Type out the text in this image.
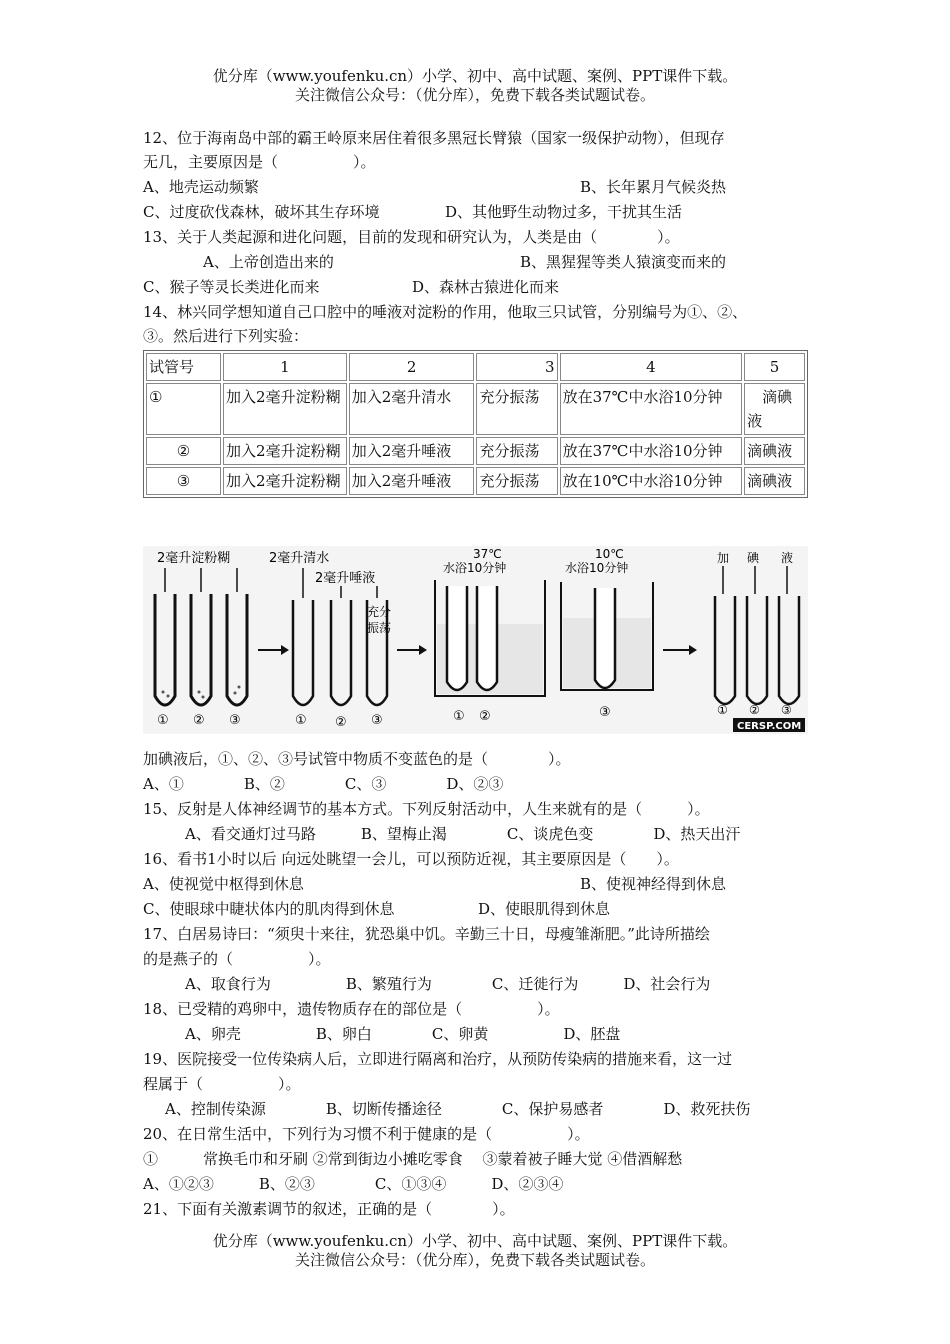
优分库（www.youfenku.cn）小学、初中、高中试题、案例、PPT课件下载。
关注微信公众号：（优分库），免费下载各类试题试卷。
12、位于海南岛中部的霸王岭原来居住着很多黑冠长臂猿（国家一级保护动物），但现存
无几，主要原因是（　　　　　）。
A、地壳运动频繁	B、长年累月气候炎热
C、过度砍伐森林，破坏其生存环境	D、其他野生动物过多，干扰其生活
13、关于人类起源和进化问题，目前的发现和研究认为，人类是由（　　　　）。
A、上帝创造出来的	B、黑猩猩等类人猿演变而来的
C、猴子等灵长类进化而来	D、森林古猿进化而来
14、林兴同学想知道自己口腔中的唾液对淀粉的作用，他取三只试管，分别编号为①、②、
③。然后进行下列实验：
试管号	1	2	3	4	5
①	加入2毫升淀粉糊	加入2毫升清水	充分振荡	放在37℃中水浴10分钟	　滴碘液
②	加入2毫升淀粉糊	加入2毫升唾液	充分振荡	放在37℃中水浴10分钟	滴碘液
③	加入2毫升淀粉糊	加入2毫升唾液	充分振荡	放在10℃中水浴10分钟	滴碘液
2毫升淀粉糊
① ② ③
2毫升清水
2毫升唾液
① ② ③
充分
振荡
37℃
水浴10分钟
① ②
10℃
水浴10分钟
③
加 碘 液
① ② ③
CERSP.COM
加碘液后，①、②、③号试管中物质不变蓝色的是（　　　　）。
A、①　　　　B、②　　　　C、③　　　　D、②③
15、反射是人体神经调节的基本方式。下列反射活动中，人生来就有的是（　　　）。
A、看交通灯过马路　　　B、望梅止渴　　　　C、谈虎色变　　　　D、热天出汗
16、看书1小时以后 向远处眺望一会儿，可以预防近视，其主要原因是（　　）。
A、使视觉中枢得到休息	B、使视神经得到休息
C、使眼球中睫状体内的肌肉得到休息	D、使眼肌得到休息
17、白居易诗曰：“须臾十来往，犹恐巢中饥。辛勤三十日，母瘦雏渐肥。”此诗所描绘
的是燕子的（　　　　　）。
A、取食行为　　　　　B、繁殖行为　　　　C、迁徙行为　　　D、社会行为
18、已受精的鸡卵中，遗传物质存在的部位是（　　　　　）。
A、卵壳　　　　　B、卵白　　　　C、卵黄　　　　　D、胚盘
19、医院接受一位传染病人后，立即进行隔离和治疗，从预防传染病的措施来看，这一过
程属于（　　　　　）。
A、控制传染源　　　　B、切断传播途径　　　　C、保护易感者　　　　D、救死扶伤
20、在日常生活中，下列行为习惯不利于健康的是（　　　　　）。
①　　　常换毛巾和牙刷 ②常到街边小摊吃零食　 ③蒙着被子睡大觉 ④借酒解愁
A、①②③　　　B、②③　　　　C、①③④　　　D、②③④
21、下面有关激素调节的叙述，正确的是（　　　　）。
优分库（www.youfenku.cn）小学、初中、高中试题、案例、PPT课件下载。
关注微信公众号：（优分库），免费下载各类试题试卷。
